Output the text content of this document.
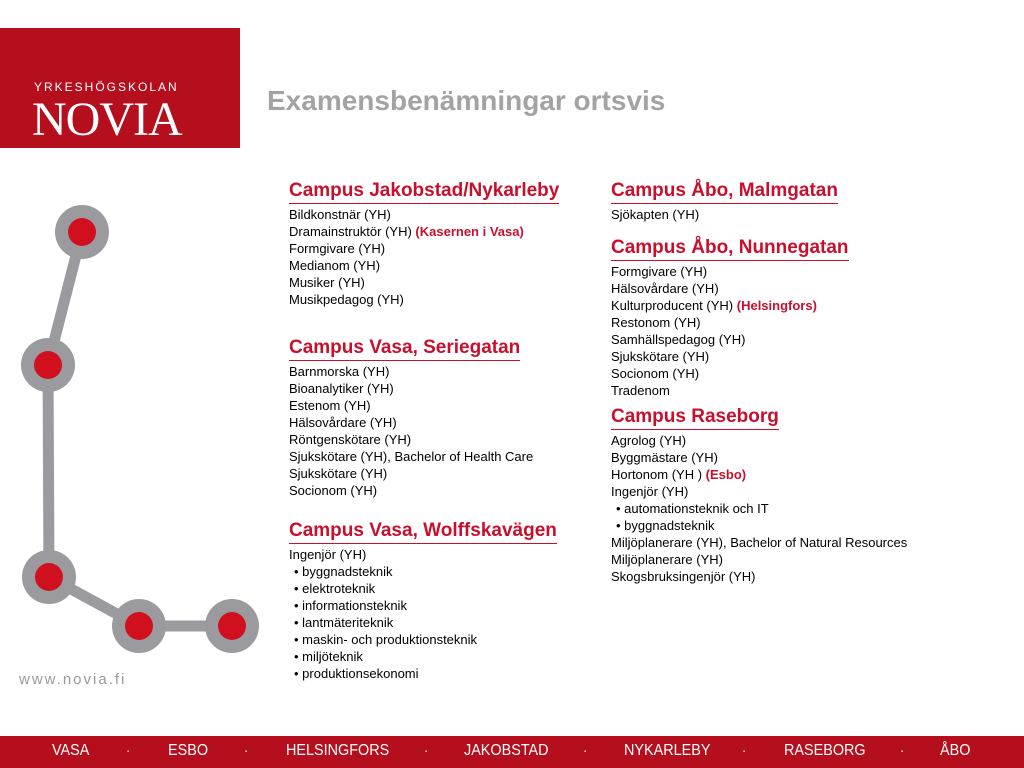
YRKESHÖGSKOLAN
NOVIA	Examensbenämningar ortsvis
www.novia.fi
Campus Jakobstad/Nykarleby
Bildkonstnär (YH)
Dramainstruktör (YH) (Kasernen i Vasa)
Formgivare (YH)
Medianom (YH)
Musiker (YH)
Musikpedagog (YH)
Campus Vasa, Seriegatan
Barnmorska (YH)
Bioanalytiker (YH)
Estenom (YH)
Hälsovårdare (YH)
Röntgenskötare (YH)
Sjukskötare (YH), Bachelor of Health Care
Sjukskötare (YH)
Socionom (YH)
Campus Vasa, Wolffskavägen
Ingenjör (YH)
• byggnadsteknik
• elektroteknik
• informationsteknik
• lantmäteriteknik
• maskin- och produktionsteknik
• miljöteknik
• produktionsekonomi
Campus Åbo, Malmgatan
Sjökapten (YH)
Campus Åbo, Nunnegatan
Formgivare (YH)
Hälsovårdare (YH)
Kulturproducent (YH) (Helsingfors)
Restonom (YH)
Samhällspedagog (YH)
Sjukskötare (YH)
Socionom (YH)
Tradenom
Campus Raseborg
Agrolog (YH)
Byggmästare (YH)
Hortonom (YH ) (Esbo)
Ingenjör (YH)
• automationsteknik och IT
• byggnadsteknik
Miljöplanerare (YH), Bachelor of Natural Resources
Miljöplanerare (YH)
Skogsbruksingenjör (YH)
VASA	· ESBO	· HELSINGFORS · JAKOBSTAD · NYKARLEBY · RASEBORG · ÅBO
